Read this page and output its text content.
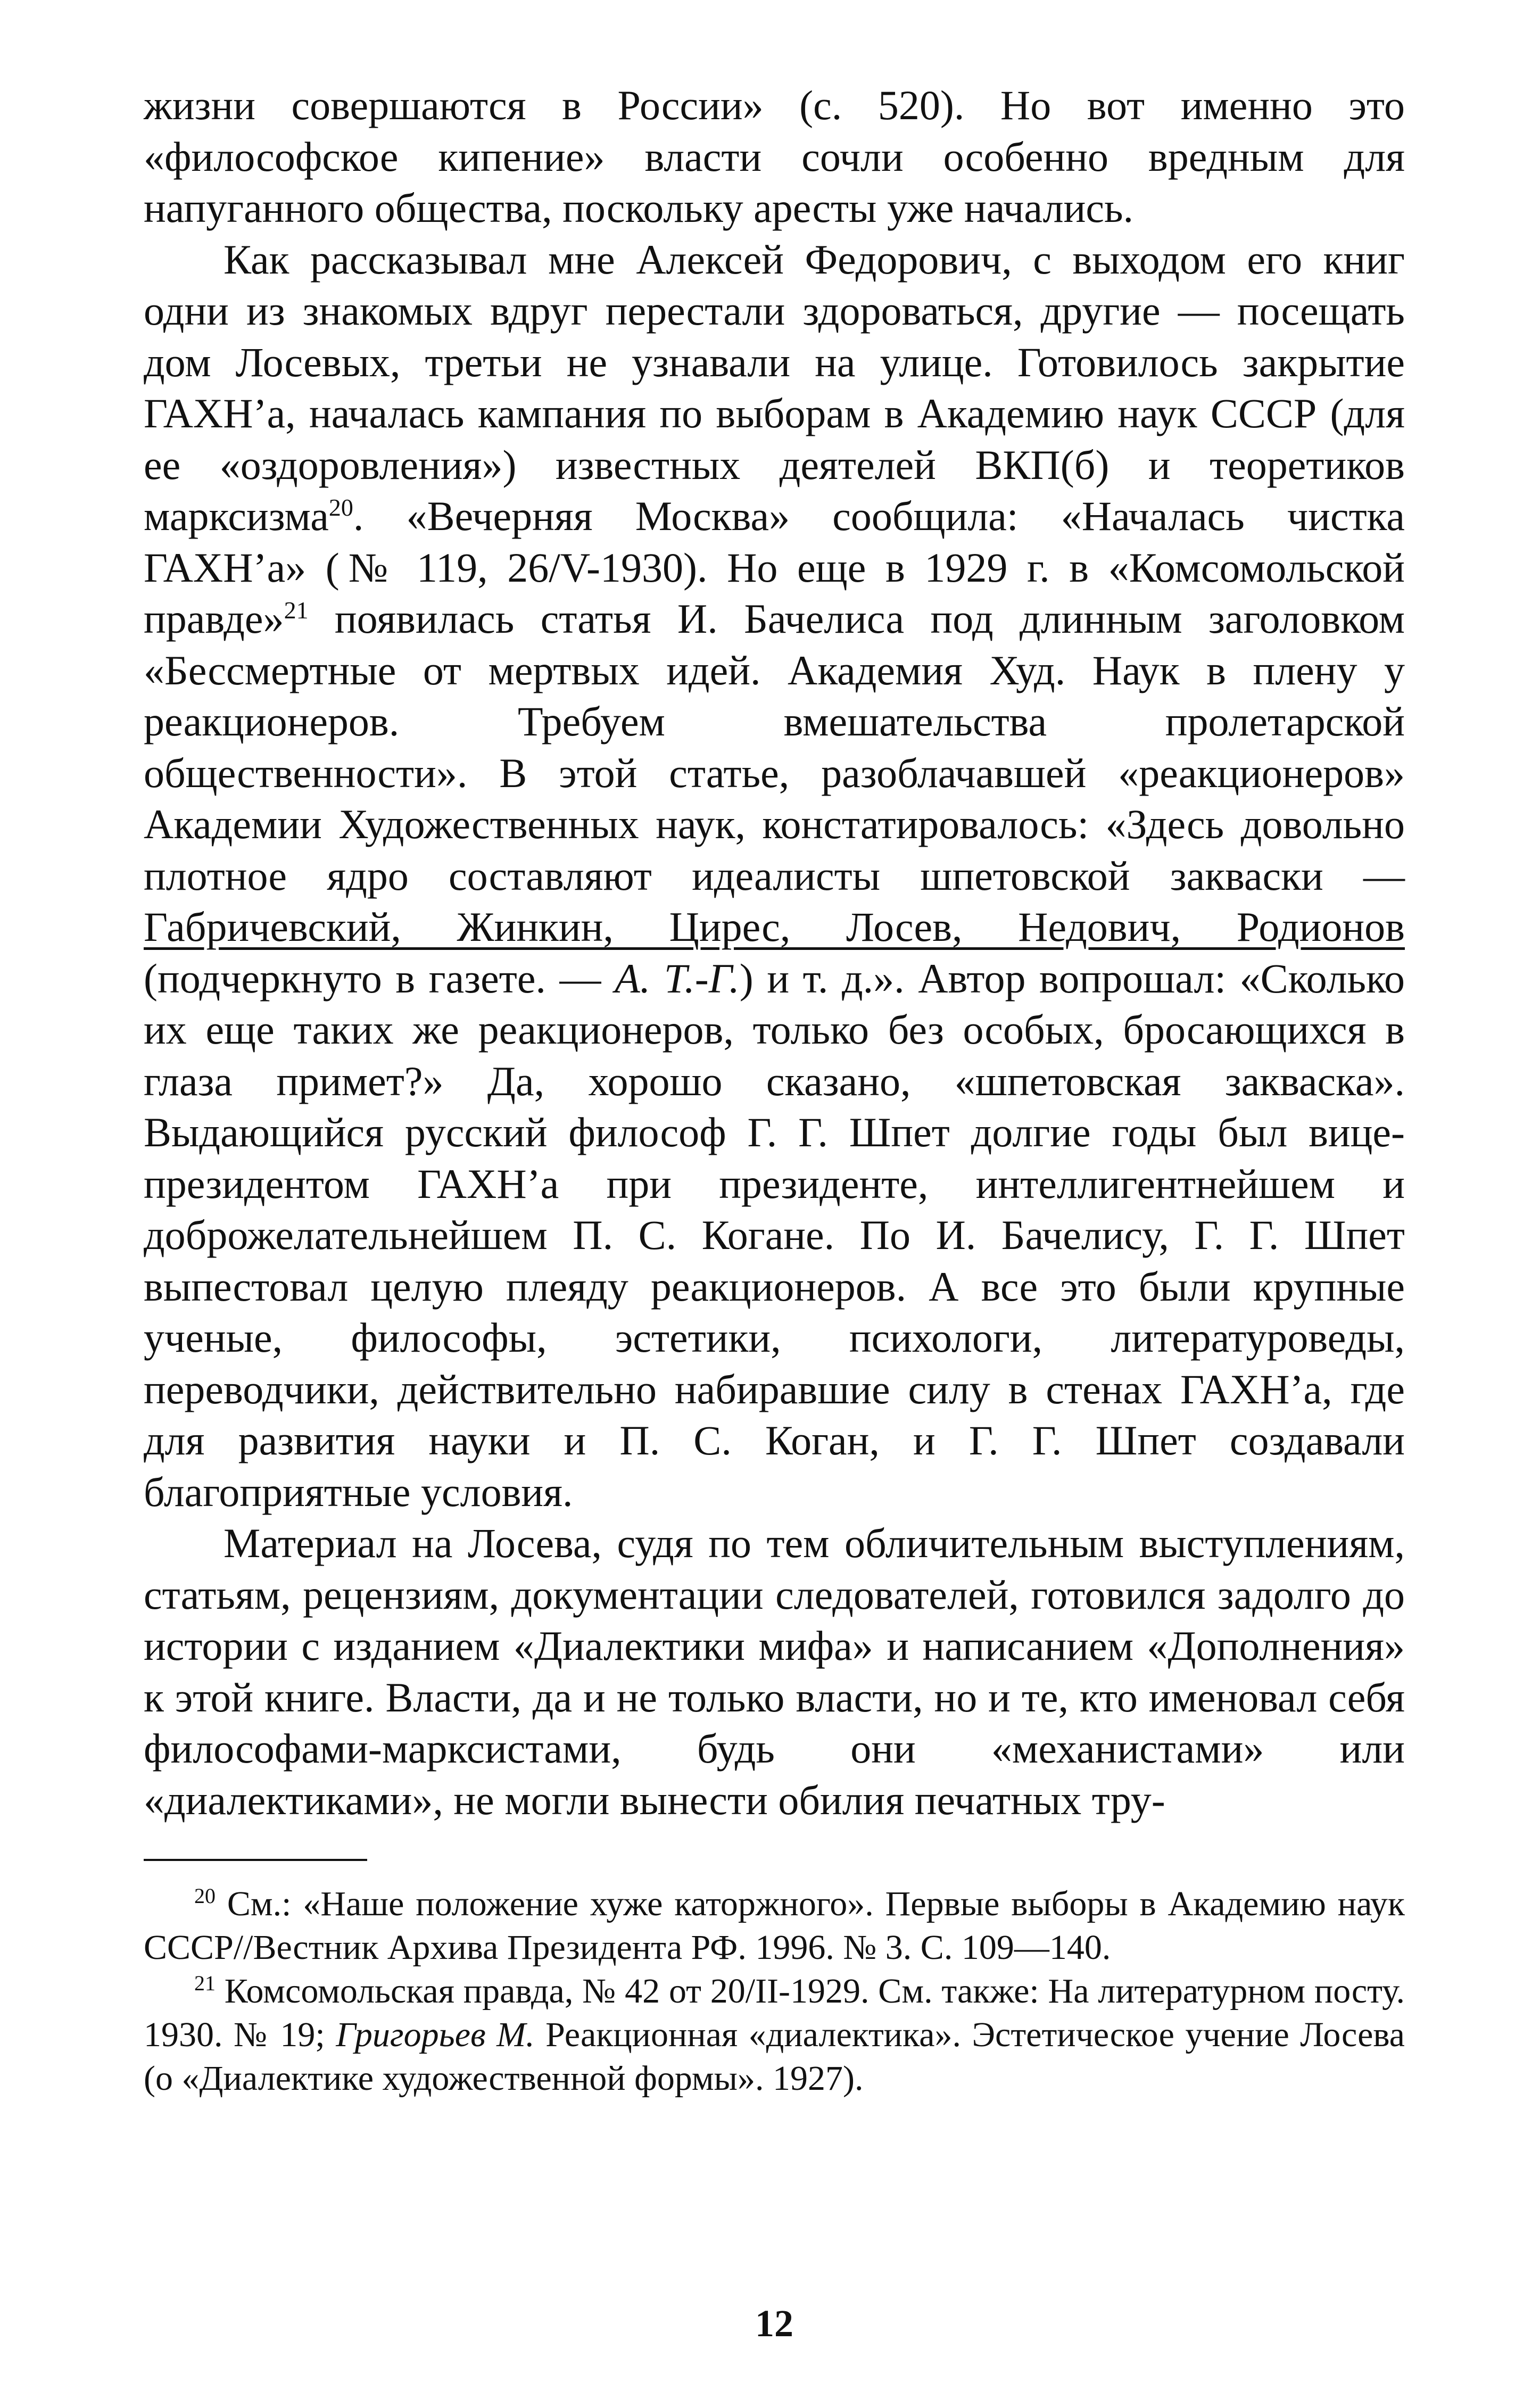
жизни совершаются в России» (с. 520). Но вот именно это «философское кипение» власти сочли особенно вредным для напуганного общества, поскольку аресты уже начались.

Как рассказывал мне Алексей Федорович, с выходом его книг одни из знакомых вдруг перестали здороваться, другие — посещать дом Лосевых, третьи не узнавали на улице. Готовилось закрытие ГАХН’а, началась кампания по выборам в Академию наук СССР (для ее «оздоровления») известных деятелей ВКП(б) и теоретиков марксизма$^{20}$. «Вечерняя Москва» сообщила: «Началась чистка ГАХН’а» (№ 119, 26/V-1930). Но еще в 1929 г. в «Комсомольской правде»$^{21}$ появилась статья И. Бачелиса под длинным заголовком «Бессмертные от мертвых идей. Академия Худ. Наук в плену у реакционеров. Требуем вмешательства пролетарской общественности». В этой статье, разоблачавшей «реакционеров» Академии Художественных наук, констатировалось: «Здесь довольно плотное ядро составляют идеалисты шпетовской закваски — Габричевский, Жинкин, Цирес, Лосев, Недович, Родионов (подчеркнуто в газете. — А. Т.-Г.) и т. д.». Автор вопрошал: «Сколько их еще таких же реакционеров, только без особых, бросающихся в глаза примет?» Да, хорошо сказано, «шпетовская закваска». Выдающийся русский философ Г. Г. Шпет долгие годы был вице-президентом ГАХН’а при президенте, интеллигентнейшем и доброжелательнейшем П. С. Когане. По И. Бачелису, Г. Г. Шпет выпестовал целую плеяду реакционеров. А все это были крупные ученые, философы, эстетики, психологи, литературоведы, переводчики, действительно набиравшие силу в стенах ГАХН’а, где для развития науки и П. С. Коган, и Г. Г. Шпет создавали благоприятные условия.

Материал на Лосева, судя по тем обличительным выступлениям, статьям, рецензиям, документации следователей, готовился задолго до истории с изданием «Диалектики мифа» и написанием «Дополнения» к этой книге. Власти, да и не только власти, но и те, кто именовал себя философами-марксистами, будь они «механистами» или «диалектиками», не могли вынести обилия печатных тру-

$^{20}$ См.: «Наше положение хуже каторжного». Первые выборы в Академию наук СССР//Вестник Архива Президента РФ. 1996. № 3. С. 109—140.

$^{21}$ Комсомольская правда, № 42 от 20/II-1929. См. также: На литературном посту. 1930. № 19; Григорьев М. Реакционная «диалектика». Эстетическое учение Лосева (о «Диалектике художественной формы». 1927).

12
